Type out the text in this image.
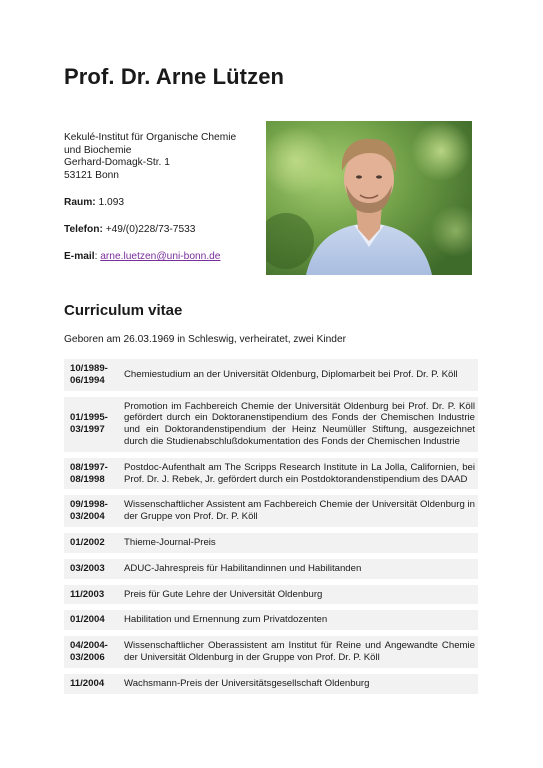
Prof. Dr. Arne Lützen
Kekulé-Institut für Organische Chemie
und Biochemie
Gerhard-Domagk-Str. 1
53121 Bonn
Raum: 1.093
Telefon: +49/(0)228/73-7533
E-mail: arne.luetzen@uni-bonn.de
Curriculum vitae
Geboren am 26.03.1969 in Schleswig, verheiratet, zwei Kinder
10/1989-
06/1994	Chemiestudium an der Universität Oldenburg, Diplomarbeit bei Prof. Dr. P. Köll

01/1995-
03/1997	Promotion im Fachbereich Chemie der Universität Oldenburg bei Prof. Dr. P. Köll gefördert durch ein Doktoranenstipendium des Fonds der Chemischen Industrie und ein Doktorandenstipendium der Heinz Neumüller Stiftung, ausgezeichnet durch die Studienabschlußdokumentation des Fonds der Chemischen Industrie

08/1997-
08/1998	Postdoc-Aufenthalt am The Scripps Research Institute in La Jolla, Californien, bei Prof. Dr. J. Rebek, Jr. gefördert durch ein Postdoktorandenstipendium des DAAD

09/1998-
03/2004	Wissenschaftlicher Assistent am Fachbereich Chemie der Universität Oldenburg in der Gruppe von Prof. Dr. P. Köll

01/2002	Thieme-Journal-Preis

03/2003	ADUC-Jahrespreis für Habilitandinnen und Habilitanden

11/2003	Preis für Gute Lehre der Universität Oldenburg

01/2004	Habilitation und Ernennung zum Privatdozenten

04/2004-
03/2006	Wissenschaftlicher Oberassistent am Institut für Reine und Angewandte Chemie der Universität Oldenburg in der Gruppe von Prof. Dr. P. Köll

11/2004	Wachsmann-Preis der Universitätsgesellschaft Oldenburg
